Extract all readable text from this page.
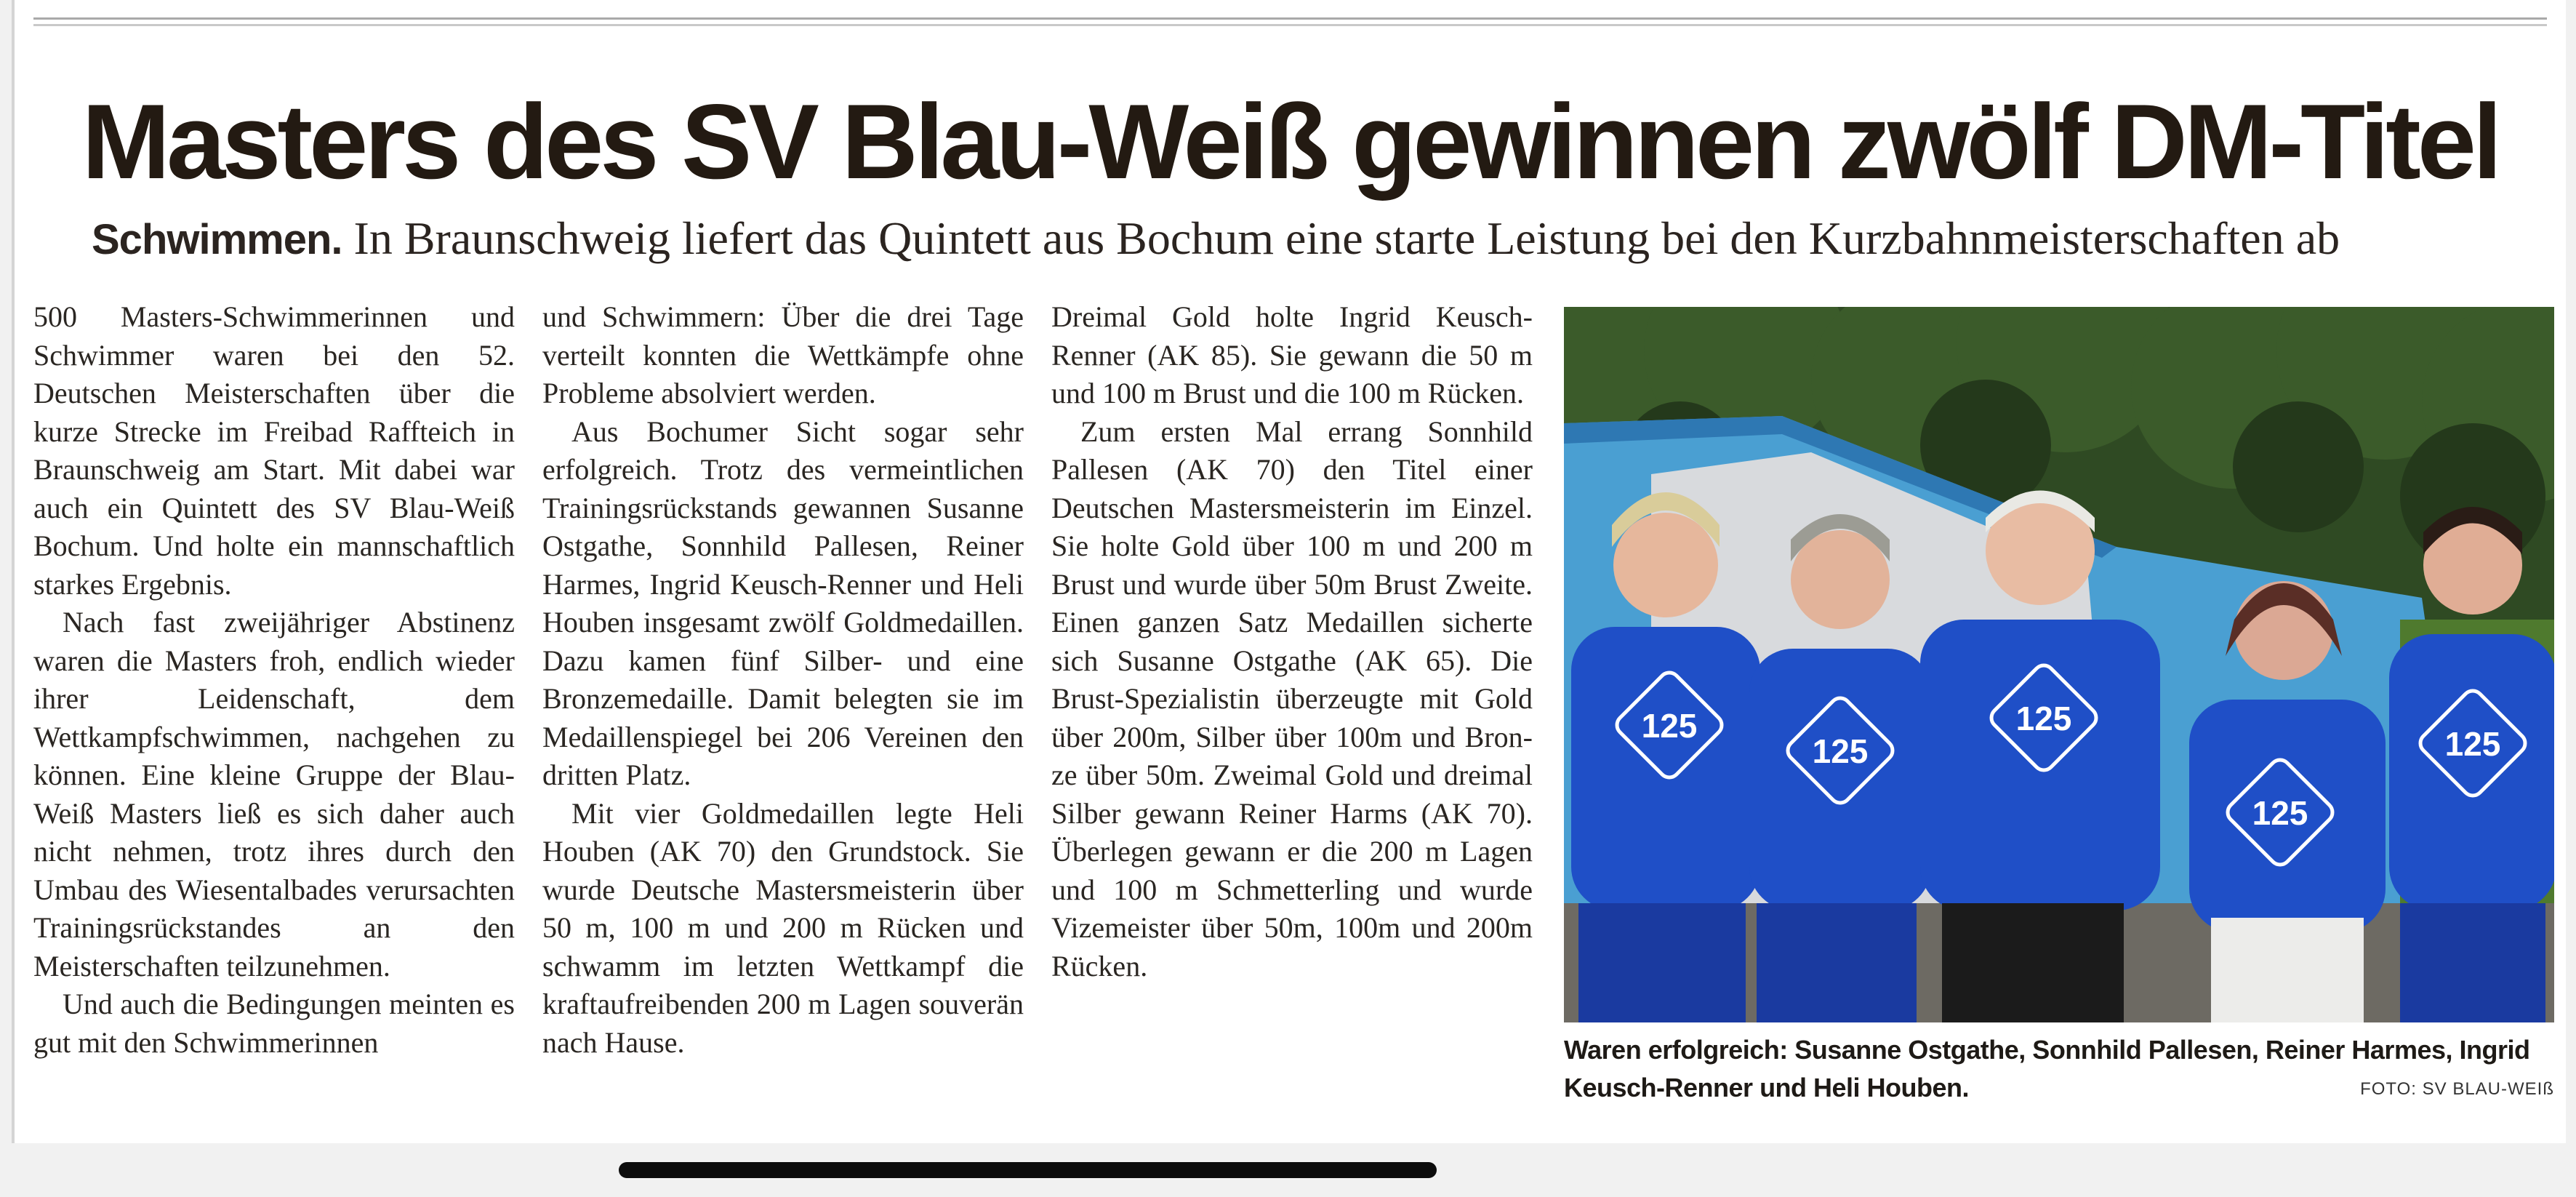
Masters des SV Blau-Weiß gewinnen zwölf DM-Titel
Schwimmen. In Braunschweig liefert das Quintett aus Bochum eine starte Leistung bei den Kurzbahnmeisterschaften ab

500 Masters-Schwimmerinnen und Schwimmer waren bei den 52. Deutschen Meisterschaften über die kurze Strecke im Freibad Raffteich in Braunschweig am Start. Mit dabei war auch ein Quintett des SV Blau-Weiß Bochum. Und holte ein mannschaftlich starkes Ergebnis.

Nach fast zweijähriger Abstinenz waren die Masters froh, endlich wieder ihrer Leidenschaft, dem Wettkampfschwimmen, nachgehen zu können. Eine kleine Gruppe der Blau-Weiß Masters ließ es sich daher auch nicht nehmen, trotz ihres durch den Umbau des Wiesentalbades verursachten Trainingsrückstandes an den Meisterschaften teilzunehmen.

Und auch die Bedingungen meinten es gut mit den Schwimmerinnen

und Schwimmern: Über die drei Tage verteilt konnten die Wettkämpfe ohne Probleme absolviert werden.

Aus Bochumer Sicht sogar sehr erfolgreich. Trotz des vermeintlichen Trainingsrückstands gewannen Susanne Ostgathe, Sonnhild Pallesen, Reiner Harmes, Ingrid Keusch-Renner und Heli Houben insgesamt zwölf Goldmedaillen. Dazu kamen fünf Silber- und eine Bronzemedaille. Damit belegten sie im Medaillenspiegel bei 206 Vereinen den dritten Platz.

Mit vier Goldmedaillen legte Heli Houben (AK 70) den Grundstock. Sie wurde Deutsche Mastersmeisterin über 50 m, 100 m und 200 m Rücken und schwamm im letzten Wettkampf die kraftaufreibenden 200 m Lagen souverän nach Hause.

Dreimal Gold holte Ingrid Keusch-Renner (AK 85). Sie gewann die 50 m und 100 m Brust und die 100 m Rücken.

Zum ersten Mal errang Sonnhild Pallesen (AK 70) den Titel einer Deutschen Mastersmeisterin im Einzel. Sie holte Gold über 100 m und 200 m Brust und wurde über 50m Brust Zweite. Einen ganzen Satz Medaillen sicherte sich Susanne Ostgathe (AK 65). Die Brust-Spezialistin überzeugte mit Gold über 200m, Silber über 100m und Bronze über 50m. Zweimal Gold und dreimal Silber gewann Reiner Harms (AK 70). Überlegen gewann er die 200 m Lagen und 100 m Schmetterling und wurde Vizemeister über 50m, 100m und 200m Rücken.

125
125
125
125
125

Waren erfolgreich: Susanne Ostgathe, Sonnhild Pallesen, Reiner Harmes, Ingrid Keusch-Renner und Heli Houben.	FOTO: SV BLAU-WEIß
